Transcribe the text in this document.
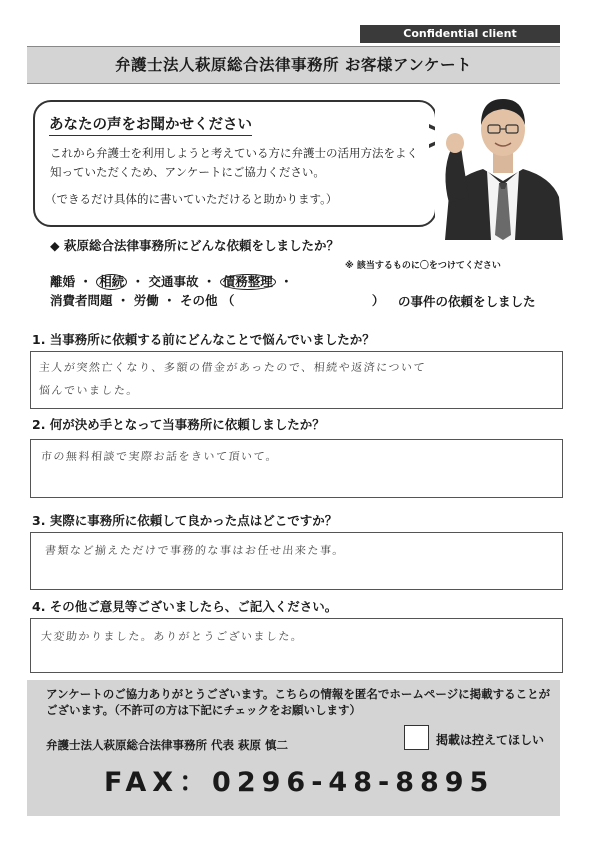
Confidential client
弁護士法人萩原総合法律事務所 お客様アンケート
あなたの声をお聞かせください
これから弁護士を利用しようと考えている方に弁護士の活用方法をよく知っていただくため、アンケートにご協力ください。
（できるだけ具体的に書いていただけると助かります。）
◆ 萩原総合法律事務所にどんな依頼をしましたか？
※ 該当するものに〇をつけてください
離婚 ・ 相続 ・ 交通事故 ・ 債務整理 ・
消費者問題 ・ 労働 ・ その他 （　　　　　　　　　　　） の事件の依頼をしました
1. 当事務所に依頼する前にどんなことで悩んでいましたか？
主人が突然亡くなり、多額の借金があったので、相続や返済について
悩んでいました。
2. 何が決め手となって当事務所に依頼しましたか？
市の無料相談で実際お話をきいて頂いて。
3. 実際に事務所に依頼して良かった点はどこですか？
書類など揃えただけで事務的な事はお任せ出来た事。
4. その他ご意見等ございましたら、ご記入ください。
大変助かりました。ありがとうございました。
アンケートのご協力ありがとうございます。こちらの情報を匿名でホームページに掲載することがございます。（不許可の方は下記にチェックをお願いします）
弁護士法人萩原総合法律事務所 代表 萩原 慎二	掲載は控えてほしい
FAX：0296-48-8895
